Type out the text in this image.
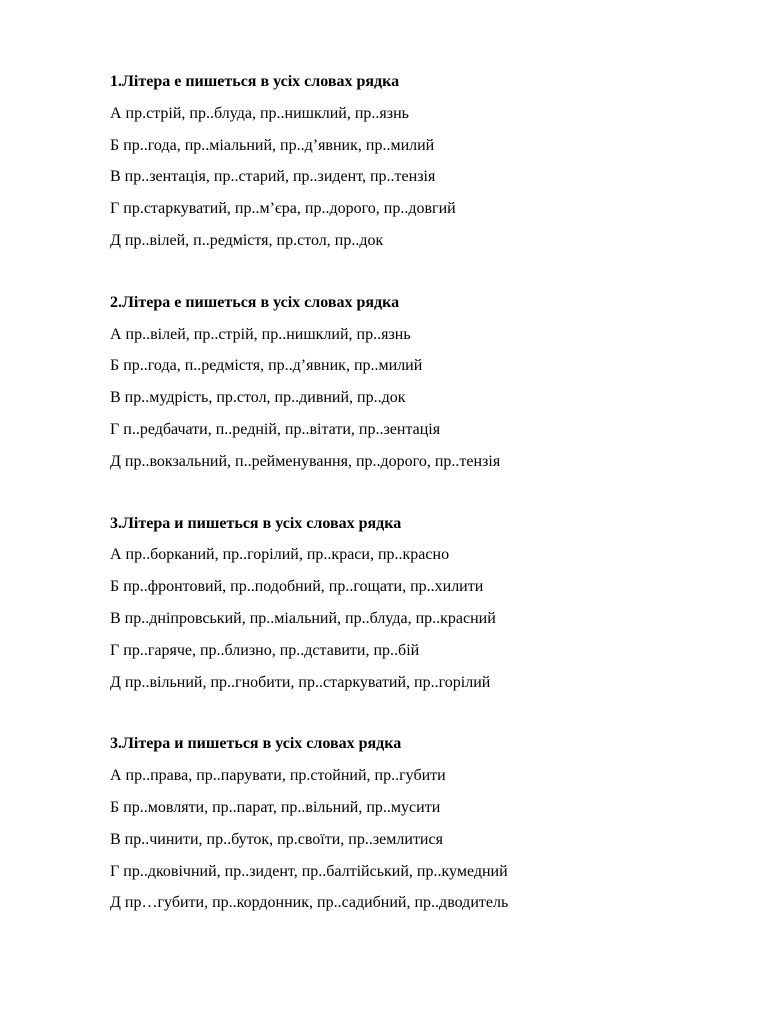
1.Літера е пишеться в усіх словах рядка
А пр.стрій, пр..блуда, пр..нишклий, пр..язнь
Б пр..года, пр..міальний, пр..д’явник, пр..милий
В пр..зентація, пр..старий, пр..зидент, пр..тензія
Г пр.старкуватий, пр..м’єра, пр..дорого, пр..довгий
Д пр..вілей, п..редмістя, пр.стол, пр..док
2.Літера е пишеться в усіх словах рядка
А пр..вілей, пр..стрій, пр..нишклий, пр..язнь
Б пр..года, п..редмістя, пр..д’явник, пр..милий
В пр..мудрість, пр.стол, пр..дивний, пр..док
Г п..редбачати, п..редній, пр..вітати, пр..зентація
Д пр..вокзальний, п..рейменування, пр..дорого, пр..тензія
3.Літера и пишеться в усіх словах рядка
А пр..борканий, пр..горілий, пр..краси, пр..красно
Б пр..фронтовий, пр..подобний, пр..гощати, пр..хилити
В пр..дніпровський, пр..міальний, пр..блуда, пр..красний
Г пр..гаряче, пр..близно, пр..дставити, пр..бій
Д пр..вільний, пр..гнобити, пр..старкуватий, пр..горілий
3.Літера и пишеться в усіх словах рядка
А пр..права, пр..парувати, пр.стойний, пр..губити
Б пр..мовляти, пр..парат, пр..вільний, пр..мусити
В пр..чинити, пр..буток, пр.своїти, пр..землитися
Г пр..дковічний, пр..зидент, пр..балтійський, пр..кумедний
Д пр…губити, пр..кордонник, пр..садибний, пр..дводитель
